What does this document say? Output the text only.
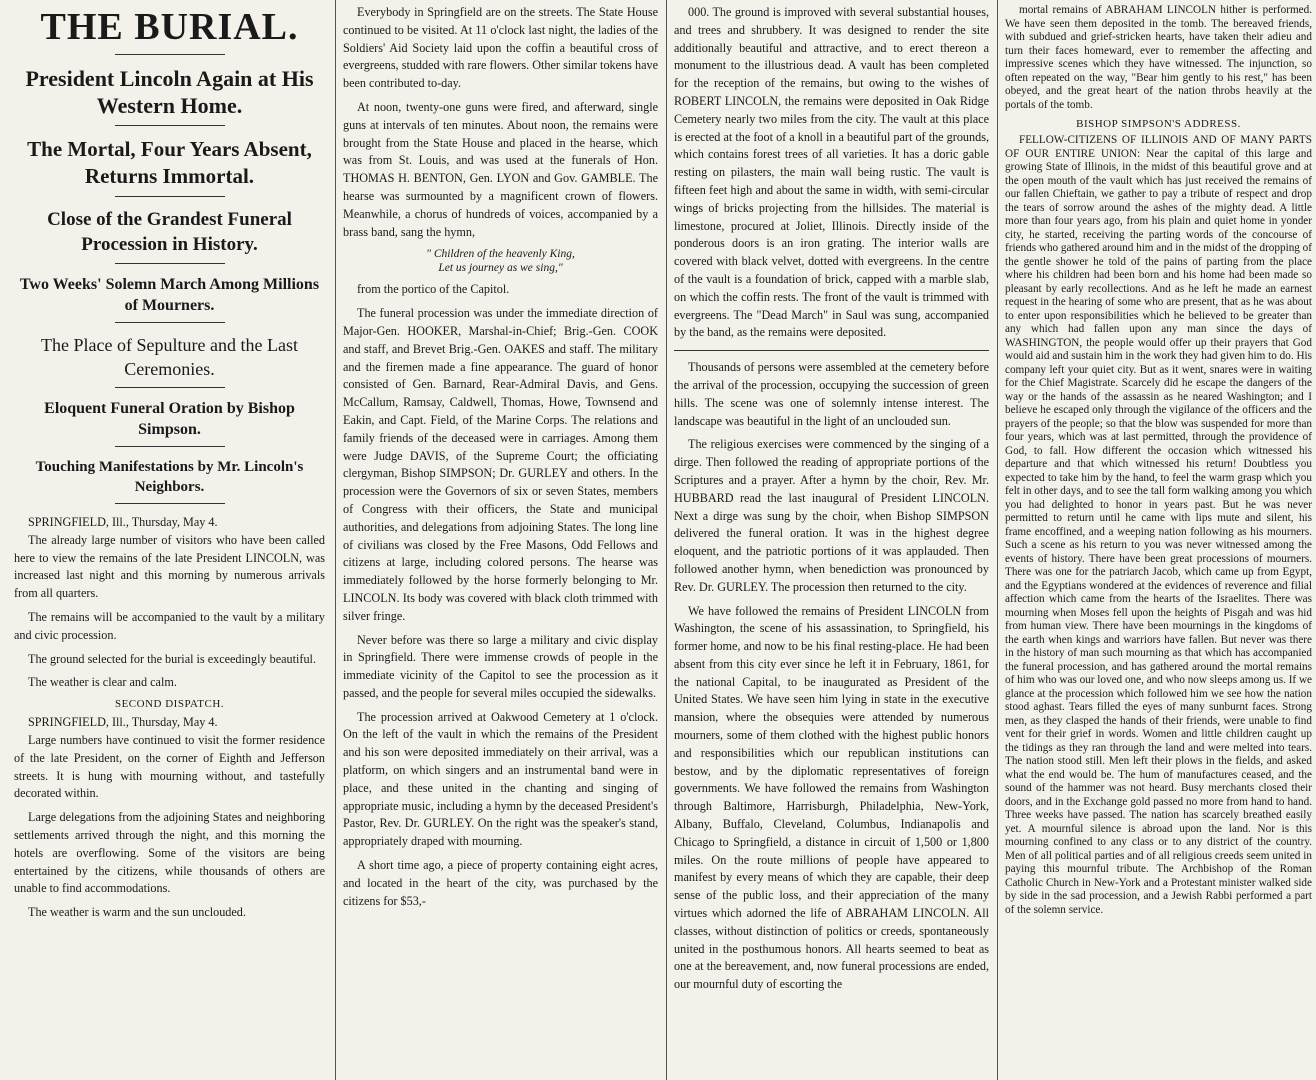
THE BURIAL.
President Lincoln Again at His Western Home.
The Mortal, Four Years Absent, Returns Immortal.
Close of the Grandest Funeral Procession in History.
Two Weeks' Solemn March Among Millions of Mourners.
The Place of Sepulture and the Last Ceremonies.
Eloquent Funeral Oration by Bishop Simpson.
Touching Manifestations by Mr. Lincoln's Neighbors.

SPRINGFIELD, Ill., Thursday, May 4.

The already large number of visitors who have been called here to view the remains of the late President LINCOLN, was increased last night and this morning by numerous arrivals from all quarters.

The remains will be accompanied to the vault by a military and civic procession.

The ground selected for the burial is exceedingly beautiful.

The weather is clear and calm.

SECOND DISPATCH.

SPRINGFIELD, Ill., Thursday, May 4.

Large numbers have continued to visit the former residence of the late President, on the corner of Eighth and Jefferson streets. It is hung with mourning without, and tastefully decorated within.

Large delegations from the adjoining States and neighboring settlements arrived through the night, and this morning the hotels are overflowing. Some of the visitors are being entertained by the citizens, while thousands of others are unable to find accommodations.

The weather is warm and the sun unclouded.

Everybody in Springfield are on the streets. The State House continued to be visited. At 11 o'clock last night, the ladies of the Soldiers' Aid Society laid upon the coffin a beautiful cross of evergreens, studded with rare flowers. Other similar tokens have been contributed to-day.

At noon, twenty-one guns were fired, and afterward, single guns at intervals of ten minutes. About noon, the remains were brought from the State House and placed in the hearse, which was from St. Louis, and was used at the funerals of Hon. THOMAS H. BENTON, Gen. LYON and Gov. GAMBLE. The hearse was surmounted by a magnificent crown of flowers. Meanwhile, a chorus of hundreds of voices, accompanied by a brass band, sang the hymn,

" Children of the heavenly King,
Let us journey as we sing,"

from the portico of the Capitol.

The funeral procession was under the immediate direction of Major-Gen. HOOKER, Marshal-in-Chief; Brig.-Gen. COOK and staff, and Brevet Brig.-Gen. OAKES and staff. The military and the firemen made a fine appearance. The guard of honor consisted of Gen. Barnard, Rear-Admiral Davis, and Gens. McCallum, Ramsay, Caldwell, Thomas, Howe, Townsend and Eakin, and Capt. Field, of the Marine Corps. The relations and family friends of the deceased were in carriages. Among them were Judge DAVIS, of the Supreme Court; the officiating clergyman, Bishop SIMPSON; Dr. GURLEY and others. In the procession were the Governors of six or seven States, members of Congress with their officers, the State and municipal authorities, and delegations from adjoining States. The long line of civilians was closed by the Free Masons, Odd Fellows and citizens at large, including colored persons. The hearse was immediately followed by the horse formerly belonging to Mr. LINCOLN. Its body was covered with black cloth trimmed with silver fringe.

Never before was there so large a military and civic display in Springfield. There were immense crowds of people in the immediate vicinity of the Capitol to see the procession as it passed, and the people for several miles occupied the sidewalks.

The procession arrived at Oakwood Cemetery at 1 o'clock. On the left of the vault in which the remains of the President and his son were deposited immediately on their arrival, was a platform, on which singers and an instrumental band were in place, and these united in the chanting and singing of appropriate music, including a hymn by the deceased President's Pastor, Rev. Dr. GURLEY. On the right was the speaker's stand, appropriately draped with mourning.

A short time ago, a piece of property containing eight acres, and located in the heart of the city, was purchased by the citizens for $53,-

000. The ground is improved with several substantial houses, and trees and shrubbery. It was designed to render the site additionally beautiful and attractive, and to erect thereon a monument to the illustrious dead. A vault has been completed for the reception of the remains, but owing to the wishes of ROBERT LINCOLN, the remains were deposited in Oak Ridge Cemetery nearly two miles from the city. The vault at this place is erected at the foot of a knoll in a beautiful part of the grounds, which contains forest trees of all varieties. It has a doric gable resting on pilasters, the main wall being rustic. The vault is fifteen feet high and about the same in width, with semi-circular wings of bricks projecting from the hillsides. The material is limestone, procured at Joliet, Illinois. Directly inside of the ponderous doors is an iron grating. The interior walls are covered with black velvet, dotted with evergreens. In the centre of the vault is a foundation of brick, capped with a marble slab, on which the coffin rests. The front of the vault is trimmed with evergreens. The "Dead March" in Saul was sung, accompanied by the band, as the remains were deposited.

Thousands of persons were assembled at the cemetery before the arrival of the procession, occupying the succession of green hills. The scene was one of solemnly intense interest. The landscape was beautiful in the light of an unclouded sun.

The religious exercises were commenced by the singing of a dirge. Then followed the reading of appropriate portions of the Scriptures and a prayer. After a hymn by the choir, Rev. Mr. HUBBARD read the last inaugural of President LINCOLN. Next a dirge was sung by the choir, when Bishop SIMPSON delivered the funeral oration. It was in the highest degree eloquent, and the patriotic portions of it was applauded. Then followed another hymn, when benediction was pronounced by Rev. Dr. GURLEY. The procession then returned to the city.

We have followed the remains of President LINCOLN from Washington, the scene of his assassination, to Springfield, his former home, and now to be his final resting-place. He had been absent from this city ever since he left it in February, 1861, for the national Capital, to be inaugurated as President of the United States. We have seen him lying in state in the executive mansion, where the obsequies were attended by numerous mourners, some of them clothed with the highest public honors and responsibilities which our republican institutions can bestow, and by the diplomatic representatives of foreign governments. We have followed the remains from Washington through Baltimore, Harrisburgh, Philadelphia, New-York, Albany, Buffalo, Cleveland, Columbus, Indianapolis and Chicago to Springfield, a distance in circuit of 1,500 or 1,800 miles. On the route millions of people have appeared to manifest by every means of which they are capable, their deep sense of the public loss, and their appreciation of the many virtues which adorned the life of ABRAHAM LINCOLN. All classes, without distinction of politics or creeds, spontaneously united in the posthumous honors. All hearts seemed to beat as one at the bereavement, and, now funeral processions are ended, our mournful duty of escorting the

mortal remains of ABRAHAM LINCOLN hither is performed. We have seen them deposited in the tomb. The bereaved friends, with subdued and grief-stricken hearts, have taken their adieu and turn their faces homeward, ever to remember the affecting and impressive scenes which they have witnessed. The injunction, so often repeated on the way, "Bear him gently to his rest," has been obeyed, and the great heart of the nation throbs heavily at the portals of the tomb.

BISHOP SIMPSON'S ADDRESS.

FELLOW-CITIZENS OF ILLINOIS AND OF MANY PARTS OF OUR ENTIRE UNION: Near the capital of this large and growing State of Illinois, in the midst of this beautiful grove and at the open mouth of the vault which has just received the remains of our fallen Chieftain, we gather to pay a tribute of respect and drop the tears of sorrow around the ashes of the mighty dead. A little more than four years ago, from his plain and quiet home in yonder city, he started, receiving the parting words of the concourse of friends who gathered around him and in the midst of the dropping of the gentle shower he told of the pains of parting from the place where his children had been born and his home had been made so pleasant by early recollections. And as he left he made an earnest request in the hearing of some who are present, that as he was about to enter upon responsibilities which he believed to be greater than any which had fallen upon any man since the days of WASHINGTON, the people would offer up their prayers that God would aid and sustain him in the work they had given him to do. His company left your quiet city. But as it went, snares were in waiting for the Chief Magistrate. Scarcely did he escape the dangers of the way or the hands of the assassin as he neared Washington; and I believe he escaped only through the vigilance of the officers and the prayers of the people; so that the blow was suspended for more than four years, which was at last permitted, through the providence of God, to fall. How different the occasion which witnessed his departure and that which witnessed his return! Doubtless you expected to take him by the hand, to feel the warm grasp which you felt in other days, and to see the tall form walking among you which you had delighted to honor in years past. But he was never permitted to return until he came with lips mute and silent, his frame encoffined, and a weeping nation following as his mourners. Such a scene as his return to you was never witnessed among the events of history. There have been great processions of mourners. There was one for the patriarch Jacob, which came up from Egypt, and the Egyptians wondered at the evidences of reverence and filial affection which came from the hearts of the Israelites. There was mourning when Moses fell upon the heights of Pisgah and was hid from human view. There have been mournings in the kingdoms of the earth when kings and warriors have fallen. But never was there in the history of man such mourning as that which has accompanied the funeral procession, and has gathered around the mortal remains of him who was our loved one, and who now sleeps among us. If we glance at the procession which followed him we see how the nation stood aghast. Tears filled the eyes of many sunburnt faces. Strong men, as they clasped the hands of their friends, were unable to find vent for their grief in words. Women and little children caught up the tidings as they ran through the land and were melted into tears. The nation stood still. Men left their plows in the fields, and asked what the end would be. The hum of manufactures ceased, and the sound of the hammer was not heard. Busy merchants closed their doors, and in the Exchange gold passed no more from hand to hand. Three weeks have passed. The nation has scarcely breathed easily yet. A mournful silence is abroad upon the land. Nor is this mourning confined to any class or to any district of the country. Men of all political parties and of all religious creeds seem united in paying this mournful tribute. The Archbishop of the Roman Catholic Church in New-York and a Protestant minister walked side by side in the sad procession, and a Jewish Rabbi performed a part of the solemn service.
